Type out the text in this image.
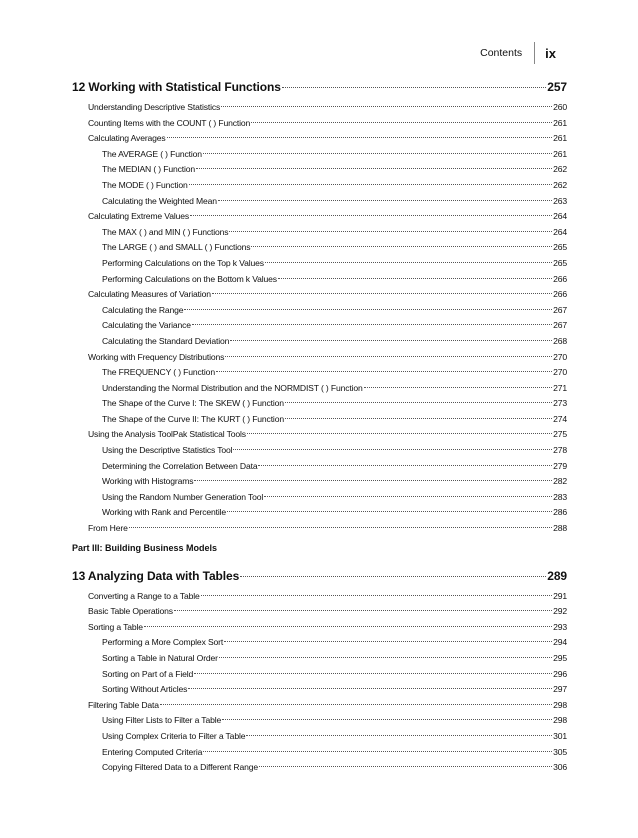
Contents ix
12 Working with Statistical Functions	257
Understanding Descriptive Statistics	260
Counting Items with the COUNT ( ) Function	261
Calculating Averages	261
The AVERAGE ( ) Function	261
The MEDIAN ( ) Function	262
The MODE ( ) Function	262
Calculating the Weighted Mean	263
Calculating Extreme Values	264
The MAX ( ) and MIN ( ) Functions	264
The LARGE ( ) and SMALL ( ) Functions	265
Performing Calculations on the Top k Values	265
Performing Calculations on the Bottom k Values	266
Calculating Measures of Variation	266
Calculating the Range	267
Calculating the Variance	267
Calculating the Standard Deviation	268
Working with Frequency Distributions	270
The FREQUENCY ( ) Function	270
Understanding the Normal Distribution and the NORMDIST ( ) Function	271
The Shape of the Curve I: The SKEW ( ) Function	273
The Shape of the Curve II: The KURT ( ) Function	274
Using the Analysis ToolPak Statistical Tools	275
Using the Descriptive Statistics Tool	278
Determining the Correlation Between Data	279
Working with Histograms	282
Using the Random Number Generation Tool	283
Working with Rank and Percentile	286
From Here	288
Part III: Building Business Models
13 Analyzing Data with Tables	289
Converting a Range to a Table	291
Basic Table Operations	292
Sorting a Table	293
Performing a More Complex Sort	294
Sorting a Table in Natural Order	295
Sorting on Part of a Field	296
Sorting Without Articles	297
Filtering Table Data	298
Using Filter Lists to Filter a Table	298
Using Complex Criteria to Filter a Table	301
Entering Computed Criteria	305
Copying Filtered Data to a Different Range	306
